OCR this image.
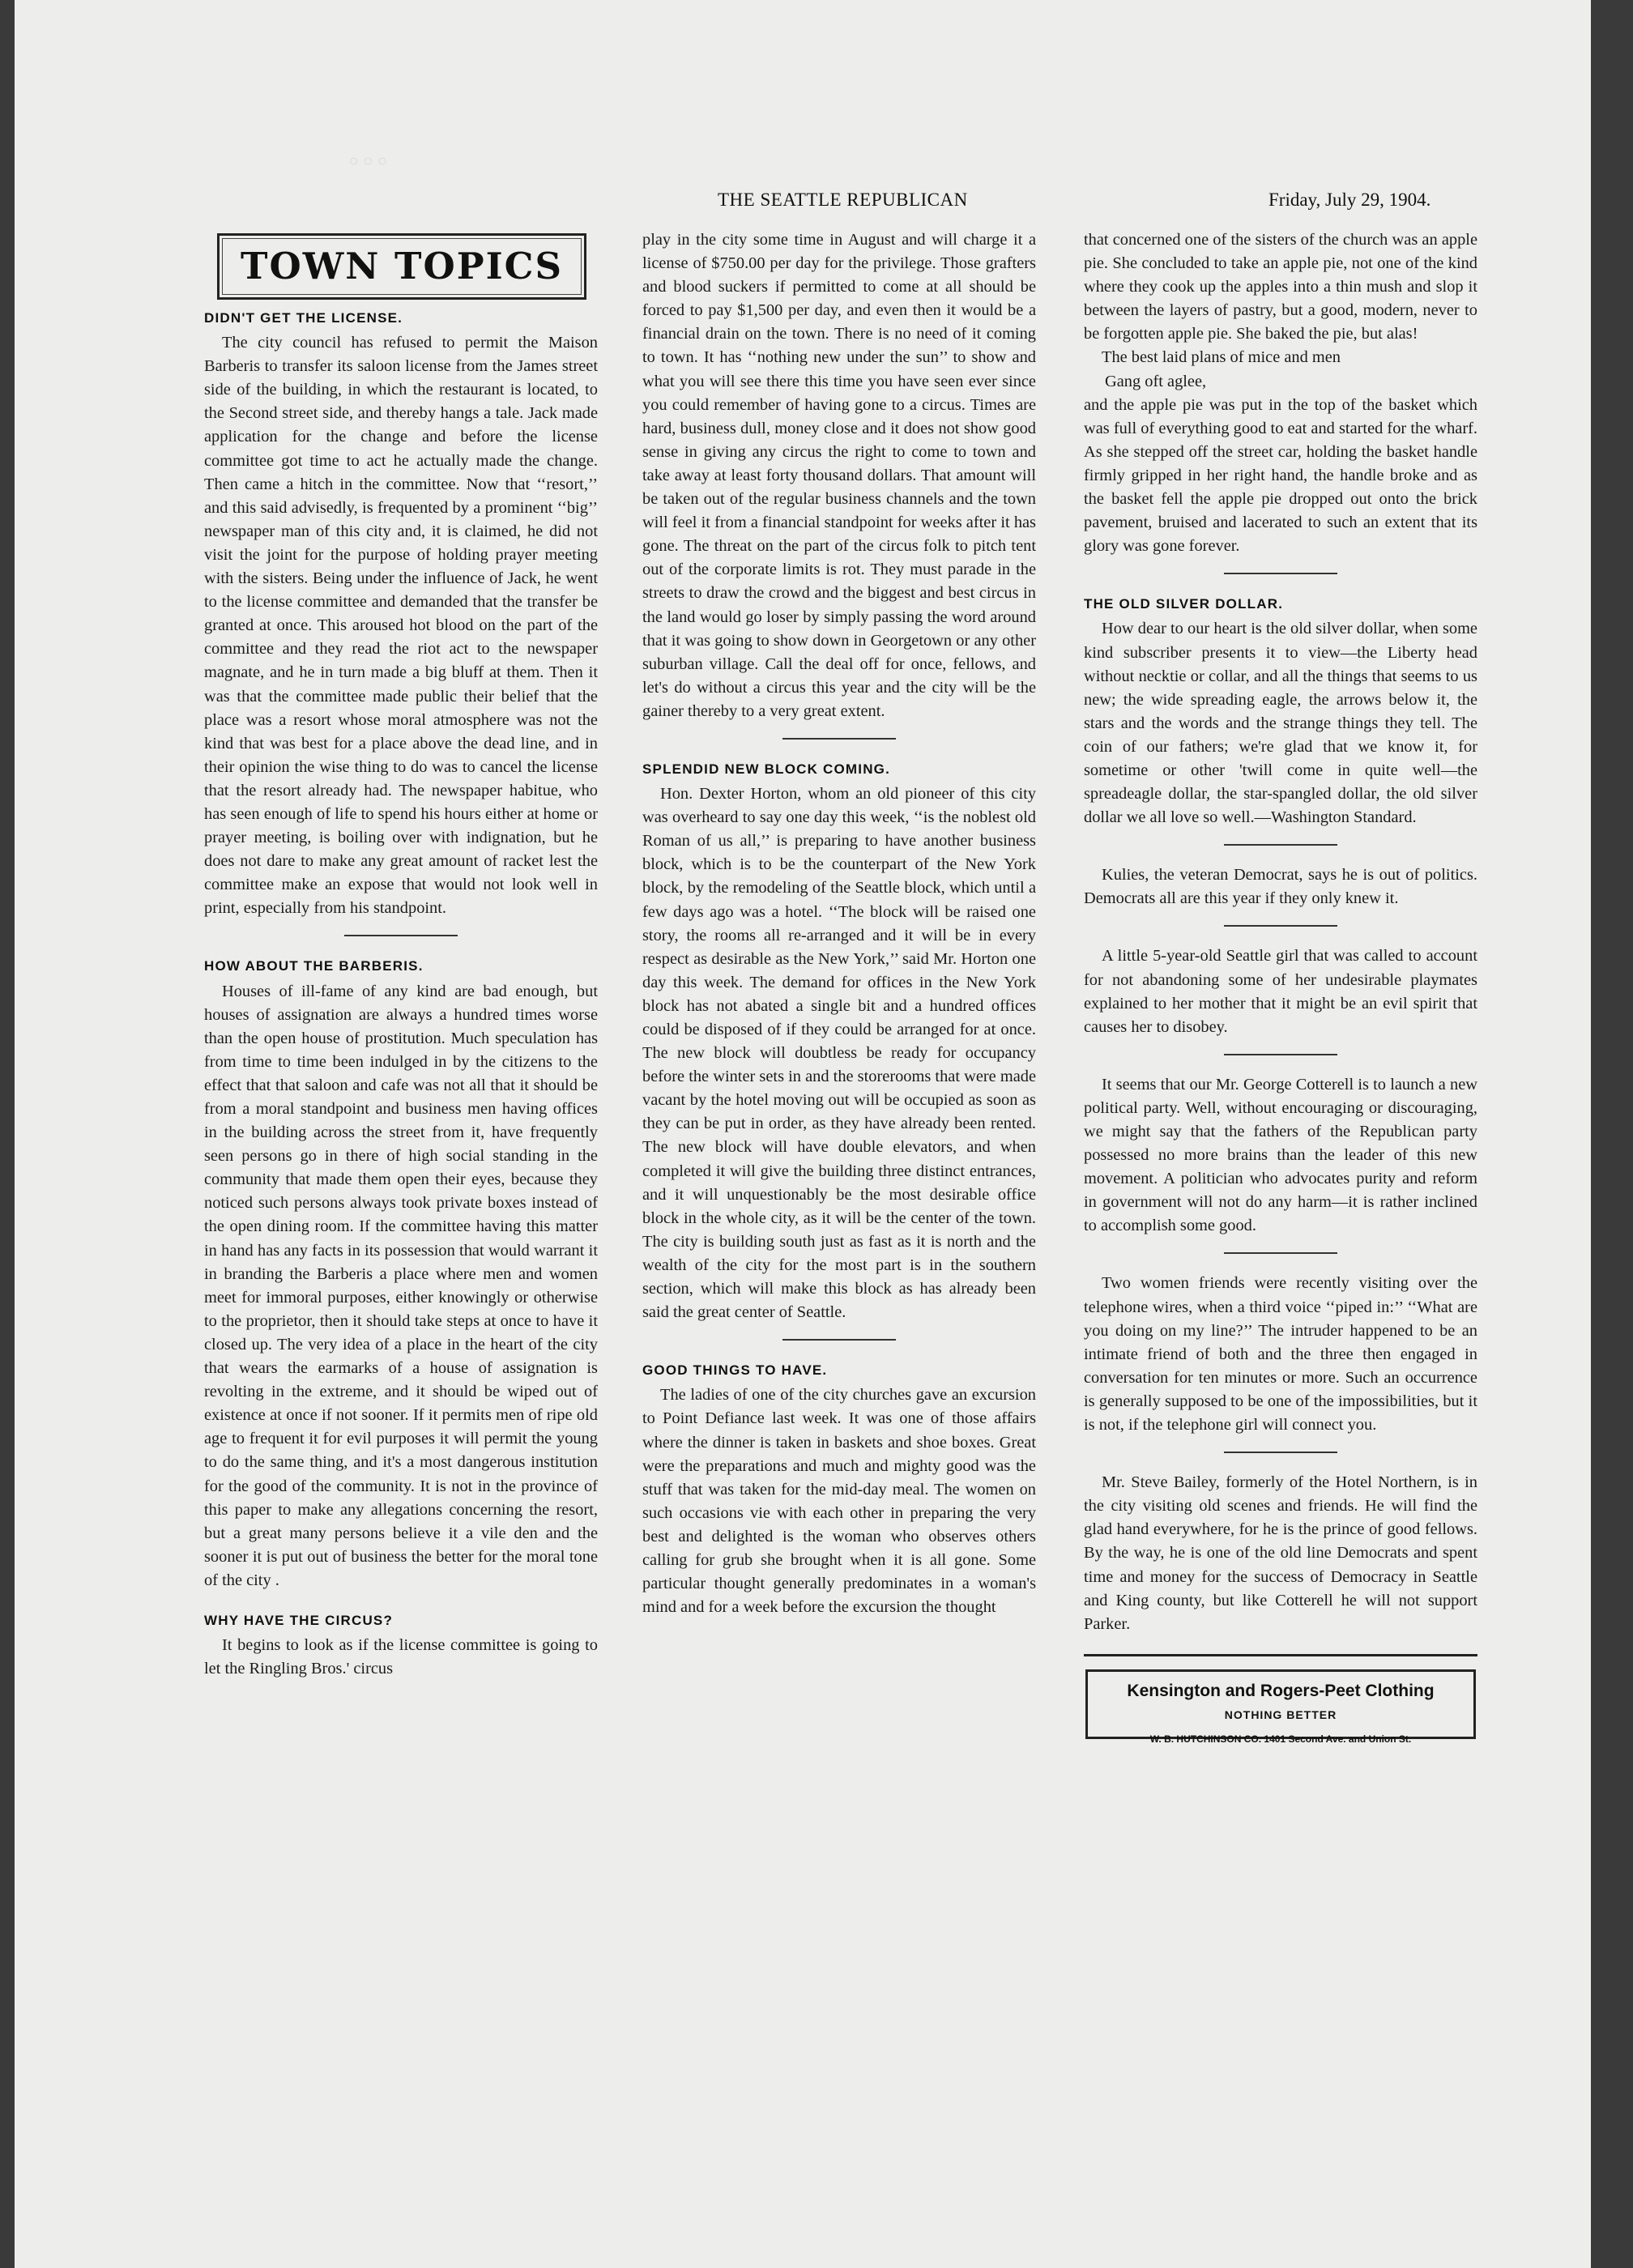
○ ○ ○
THE SEATTLE REPUBLICAN	Friday, July 29, 1904.
TOWN TOPICS
DIDN'T GET THE LICENSE.

The city council has refused to permit the Maison Barberis to transfer its saloon license from the James street side of the building, in which the restaurant is located, to the Second street side, and thereby hangs a tale. Jack made application for the change and before the license committee got time to act he actually made the change. Then came a hitch in the committee. Now that ‘‘resort,’’ and this said advisedly, is frequented by a prominent ‘‘big’’ newspaper man of this city and, it is claimed, he did not visit the joint for the purpose of holding prayer meeting with the sisters. Being under the influence of Jack, he went to the license committee and demanded that the transfer be granted at once. This aroused hot blood on the part of the committee and they read the riot act to the newspaper magnate, and he in turn made a big bluff at them. Then it was that the committee made public their belief that the place was a resort whose moral atmosphere was not the kind that was best for a place above the dead line, and in their opinion the wise thing to do was to cancel the license that the resort already had. The newspaper habitue, who has seen enough of life to spend his hours either at home or prayer meeting, is boiling over with indignation, but he does not dare to make any great amount of racket lest the committee make an expose that would not look well in print, especially from his standpoint.

HOW ABOUT THE BARBERIS.

Houses of ill-fame of any kind are bad enough, but houses of assignation are always a hundred times worse than the open house of prostitution. Much speculation has from time to time been indulged in by the citizens to the effect that that saloon and cafe was not all that it should be from a moral standpoint and business men having offices in the building across the street from it, have frequently seen persons go in there of high social standing in the community that made them open their eyes, because they noticed such persons always took private boxes instead of the open dining room. If the committee having this matter in hand has any facts in its possession that would warrant it in branding the Barberis a place where men and women meet for immoral purposes, either knowingly or otherwise to the proprietor, then it should take steps at once to have it closed up. The very idea of a place in the heart of the city that wears the earmarks of a house of assignation is revolting in the extreme, and it should be wiped out of existence at once if not sooner. If it permits men of ripe old age to frequent it for evil purposes it will permit the young to do the same thing, and it's a most dangerous institution for the good of the community. It is not in the province of this paper to make any allegations concerning the resort, but a great many persons believe it a vile den and the sooner it is put out of business the better for the moral tone of the city .

WHY HAVE THE CIRCUS?

It begins to look as if the license committee is going to let the Ringling Bros.' circus

play in the city some time in August and will charge it a license of $750.00 per day for the privilege. Those grafters and blood suckers if permitted to come at all should be forced to pay $1,500 per day, and even then it would be a financial drain on the town. There is no need of it coming to town. It has ‘‘nothing new under the sun’’ to show and what you will see there this time you have seen ever since you could remember of having gone to a circus. Times are hard, business dull, money close and it does not show good sense in giving any circus the right to come to town and take away at least forty thousand dollars. That amount will be taken out of the regular business channels and the town will feel it from a financial standpoint for weeks after it has gone. The threat on the part of the circus folk to pitch tent out of the corporate limits is rot. They must parade in the streets to draw the crowd and the biggest and best circus in the land would go loser by simply passing the word around that it was going to show down in Georgetown or any other suburban village. Call the deal off for once, fellows, and let's do without a circus this year and the city will be the gainer thereby to a very great extent.

SPLENDID NEW BLOCK COMING.

Hon. Dexter Horton, whom an old pioneer of this city was overheard to say one day this week, ‘‘is the noblest old Roman of us all,’’ is preparing to have another business block, which is to be the counterpart of the New York block, by the remodeling of the Seattle block, which until a few days ago was a hotel. ‘‘The block will be raised one story, the rooms all re-arranged and it will be in every respect as desirable as the New York,’’ said Mr. Horton one day this week. The demand for offices in the New York block has not abated a single bit and a hundred offices could be disposed of if they could be arranged for at once. The new block will doubtless be ready for occupancy before the winter sets in and the storerooms that were made vacant by the hotel moving out will be occupied as soon as they can be put in order, as they have already been rented. The new block will have double elevators, and when completed it will give the building three distinct entrances, and it will unquestionably be the most desirable office block in the whole city, as it will be the center of the town. The city is building south just as fast as it is north and the wealth of the city for the most part is in the southern section, which will make this block as has already been said the great center of Seattle.

GOOD THINGS TO HAVE.

The ladies of one of the city churches gave an excursion to Point Defiance last week. It was one of those affairs where the dinner is taken in baskets and shoe boxes. Great were the preparations and much and mighty good was the stuff that was taken for the mid-day meal. The women on such occasions vie with each other in preparing the very best and delighted is the woman who observes others calling for grub she brought when it is all gone. Some particular thought generally predominates in a woman's mind and for a week before the excursion the thought

that concerned one of the sisters of the church was an apple pie. She concluded to take an apple pie, not one of the kind where they cook up the apples into a thin mush and slop it between the layers of pastry, but a good, modern, never to be forgotten apple pie. She baked the pie, but alas!

The best laid plans of mice and men

Gang oft aglee,

and the apple pie was put in the top of the basket which was full of everything good to eat and started for the wharf. As she stepped off the street car, holding the basket handle firmly gripped in her right hand, the handle broke and as the basket fell the apple pie dropped out onto the brick pavement, bruised and lacerated to such an extent that its glory was gone forever.

THE OLD SILVER DOLLAR.

How dear to our heart is the old silver dollar, when some kind subscriber presents it to view—the Liberty head without necktie or collar, and all the things that seems to us new; the wide spreading eagle, the arrows below it, the stars and the words and the strange things they tell. The coin of our fathers; we're glad that we know it, for sometime or other 'twill come in quite well—the spreadeagle dollar, the star-spangled dollar, the old silver dollar we all love so well.—Washington Standard.

Kulies, the veteran Democrat, says he is out of politics. Democrats all are this year if they only knew it.

A little 5-year-old Seattle girl that was called to account for not abandoning some of her undesirable playmates explained to her mother that it might be an evil spirit that causes her to disobey.

It seems that our Mr. George Cotterell is to launch a new political party. Well, without encouraging or discouraging, we might say that the fathers of the Republican party possessed no more brains than the leader of this new movement. A politician who advocates purity and reform in government will not do any harm—it is rather inclined to accomplish some good.

Two women friends were recently visiting over the telephone wires, when a third voice ‘‘piped in:’’ ‘‘What are you doing on my line?’’ The intruder happened to be an intimate friend of both and the three then engaged in conversation for ten minutes or more. Such an occurrence is generally supposed to be one of the impossibilities, but it is not, if the telephone girl will connect you.

Mr. Steve Bailey, formerly of the Hotel Northern, is in the city visiting old scenes and friends. He will find the glad hand everywhere, for he is the prince of good fellows. By the way, he is one of the old line Democrats and spent time and money for the success of Democracy in Seattle and King county, but like Cotterell he will not support Parker.

Kensington and Rogers-Peet Clothing
NOTHING BETTER
W. B. HUTCHINSON CO. 1401 Second Ave. and Union St.
